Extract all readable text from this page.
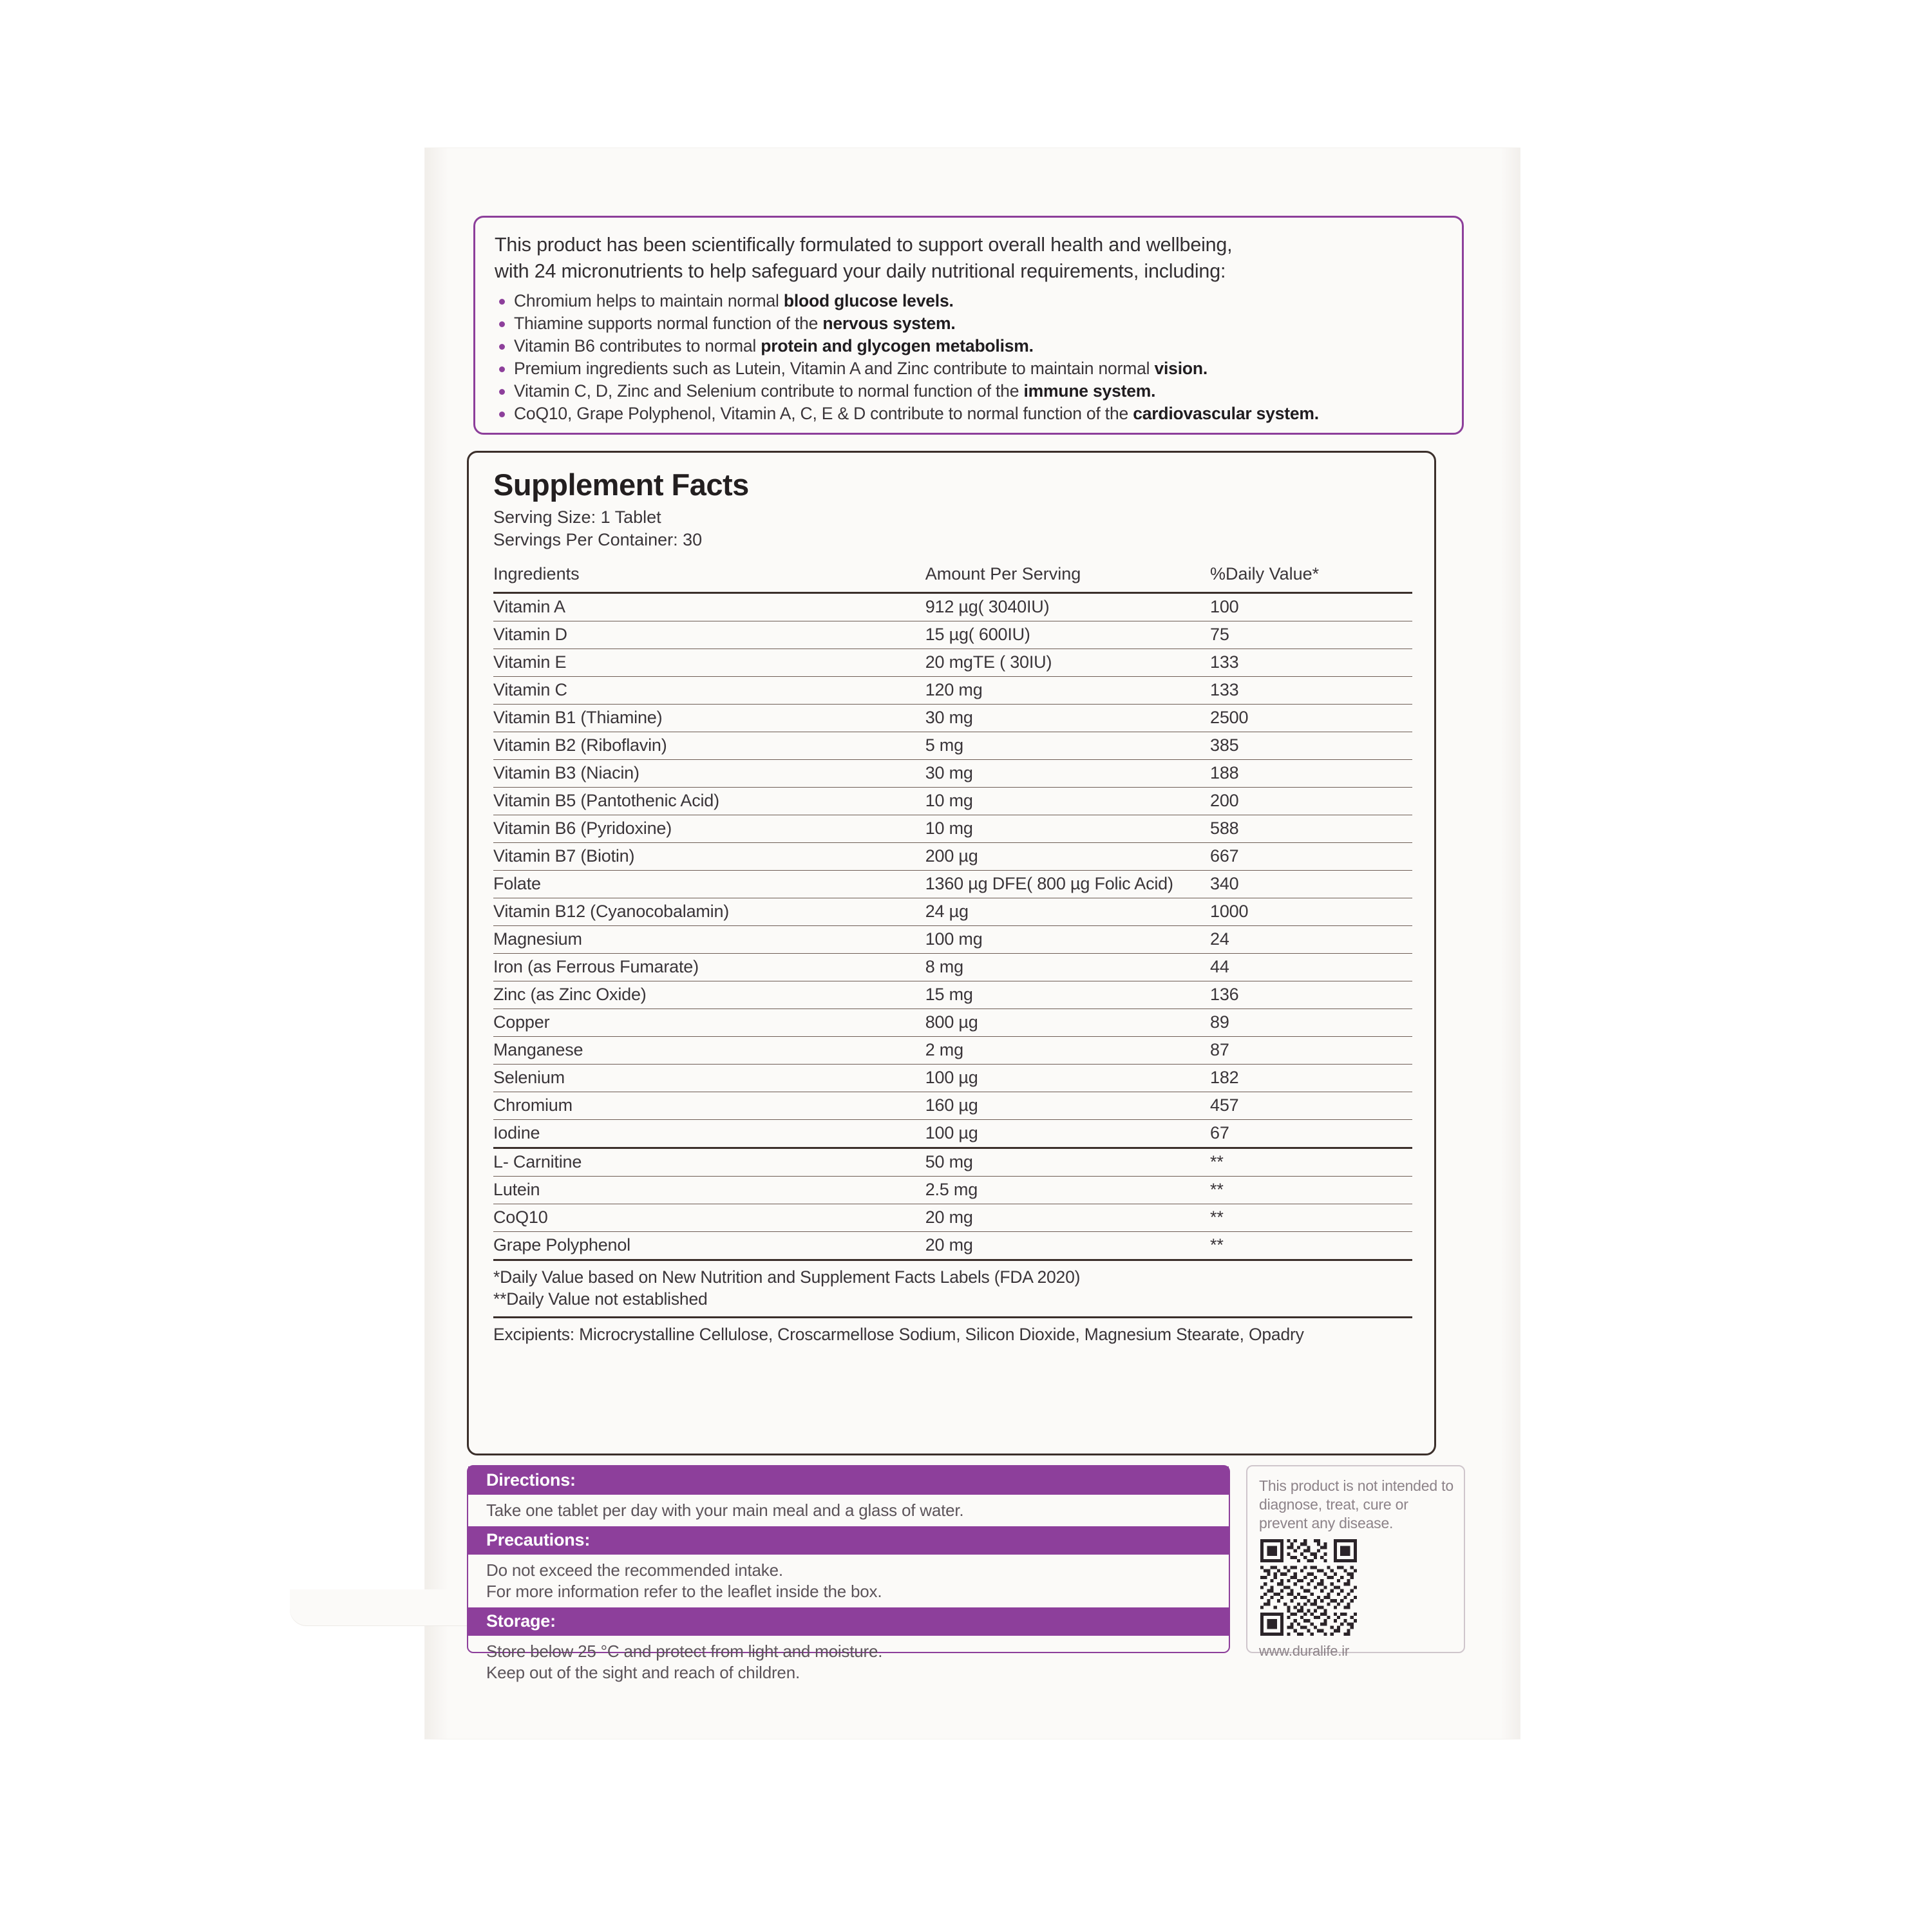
This product has been scientifically formulated to support overall health and wellbeing,
with 24 micronutrients to help safeguard your daily nutritional requirements, including:
Chromium helps to maintain normal blood glucose levels.
Thiamine supports normal function of the nervous system.
Vitamin B6 contributes to normal protein and glycogen metabolism.
Premium ingredients such as Lutein, Vitamin A and Zinc contribute to maintain normal vision.
Vitamin C, D, Zinc and Selenium contribute to normal function of the immune system.
CoQ10, Grape Polyphenol, Vitamin A, C, E & D contribute to normal function of the cardiovascular system.
Supplement Facts
Serving Size: 1 Tablet
Servings Per Container: 30
Ingredients	Amount Per Serving	%Daily Value*
Vitamin A	912 µg( 3040IU)	100
Vitamin D	15 µg( 600IU)	75
Vitamin E	20 mgTE ( 30IU)	133
Vitamin C	120 mg	133
Vitamin B1 (Thiamine)	30 mg	2500
Vitamin B2 (Riboflavin)	5 mg	385
Vitamin B3 (Niacin)	30 mg	188
Vitamin B5 (Pantothenic Acid)	10 mg	200
Vitamin B6 (Pyridoxine)	10 mg	588
Vitamin B7 (Biotin)	200 µg	667
Folate	1360 µg DFE( 800 µg Folic Acid)	340
Vitamin B12 (Cyanocobalamin)	24 µg	1000
Magnesium	100 mg	24
Iron (as Ferrous Fumarate)	8 mg	44
Zinc (as Zinc Oxide)	15 mg	136
Copper	800 µg	89
Manganese	2 mg	87
Selenium	100 µg	182
Chromium	160 µg	457
Iodine	100 µg	67
L- Carnitine	50 mg	**
Lutein	2.5 mg	**
CoQ10	20 mg	**
Grape Polyphenol	20 mg	**
*Daily Value based on New Nutrition and Supplement Facts Labels (FDA 2020)
**Daily Value not established
Excipients: Microcrystalline Cellulose, Croscarmellose Sodium, Silicon Dioxide, Magnesium Stearate, Opadry
Directions:
Take one tablet per day with your main meal and a glass of water.
Precautions:
Do not exceed the recommended intake.
For more information refer to the leaflet inside the box.
Storage:
Store below 25 °C and protect from light and moisture.
Keep out of the sight and reach of children.
This product is not intended to diagnose, treat, cure or prevent any disease.
www.duralife.ir
